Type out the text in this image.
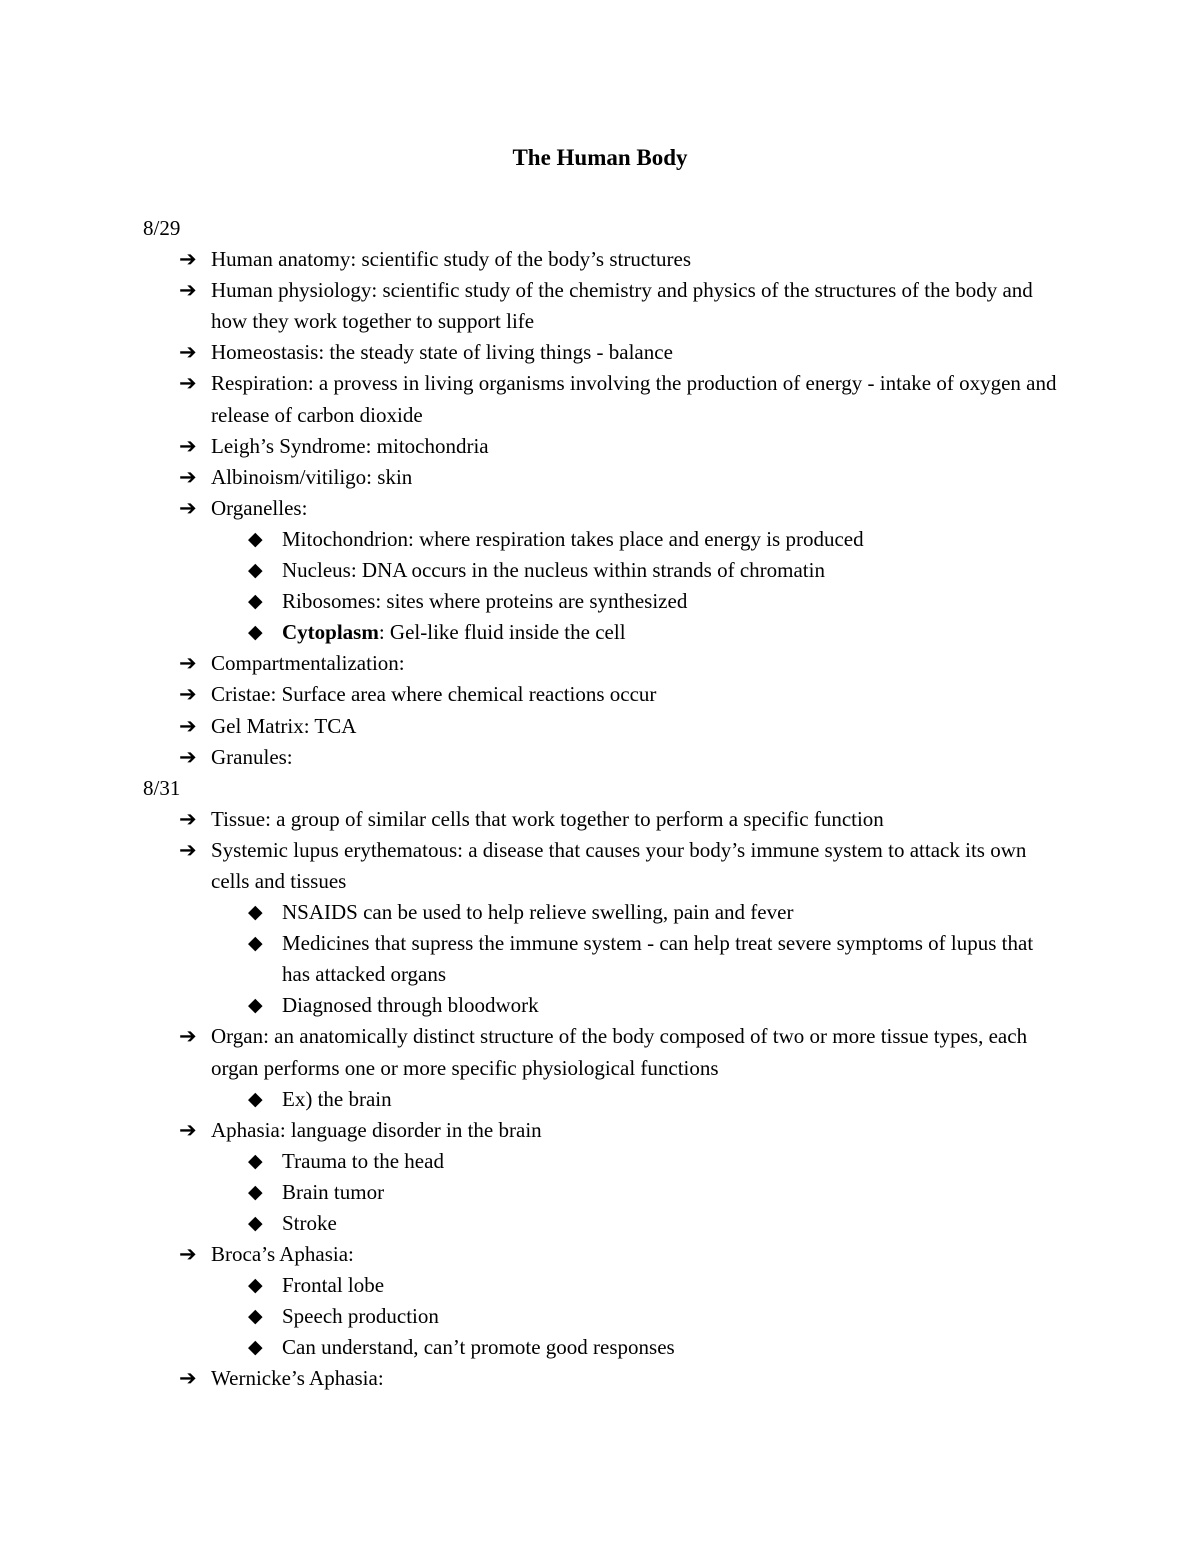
The Human Body
8/29
➔ Human anatomy: scientific study of the body’s structures
➔ Human physiology: scientific study of the chemistry and physics of the structures of the body and how they work together to support life
➔ Homeostasis: the steady state of living things - balance
➔ Respiration: a provess in living organisms involving the production of energy - intake of oxygen and release of carbon dioxide
➔ Leigh’s Syndrome: mitochondria
➔ Albinoism/vitiligo: skin
➔ Organelles:
◆ Mitochondrion: where respiration takes place and energy is produced
◆ Nucleus: DNA occurs in the nucleus within strands of chromatin
◆ Ribosomes: sites where proteins are synthesized
◆ Cytoplasm: Gel-like fluid inside the cell
➔ Compartmentalization:
➔ Cristae: Surface area where chemical reactions occur
➔ Gel Matrix: TCA
➔ Granules:
8/31
➔ Tissue: a group of similar cells that work together to perform a specific function
➔ Systemic lupus erythematous: a disease that causes your body’s immune system to attack its own cells and tissues
◆ NSAIDS can be used to help relieve swelling, pain and fever
◆ Medicines that supress the immune system - can help treat severe symptoms of lupus that has attacked organs
◆ Diagnosed through bloodwork
➔ Organ: an anatomically distinct structure of the body composed of two or more tissue types, each organ performs one or more specific physiological functions
◆ Ex) the brain
➔ Aphasia: language disorder in the brain
◆ Trauma to the head
◆ Brain tumor
◆ Stroke
➔ Broca’s Aphasia:
◆ Frontal lobe
◆ Speech production
◆ Can understand, can’t promote good responses
➔ Wernicke’s Aphasia:
